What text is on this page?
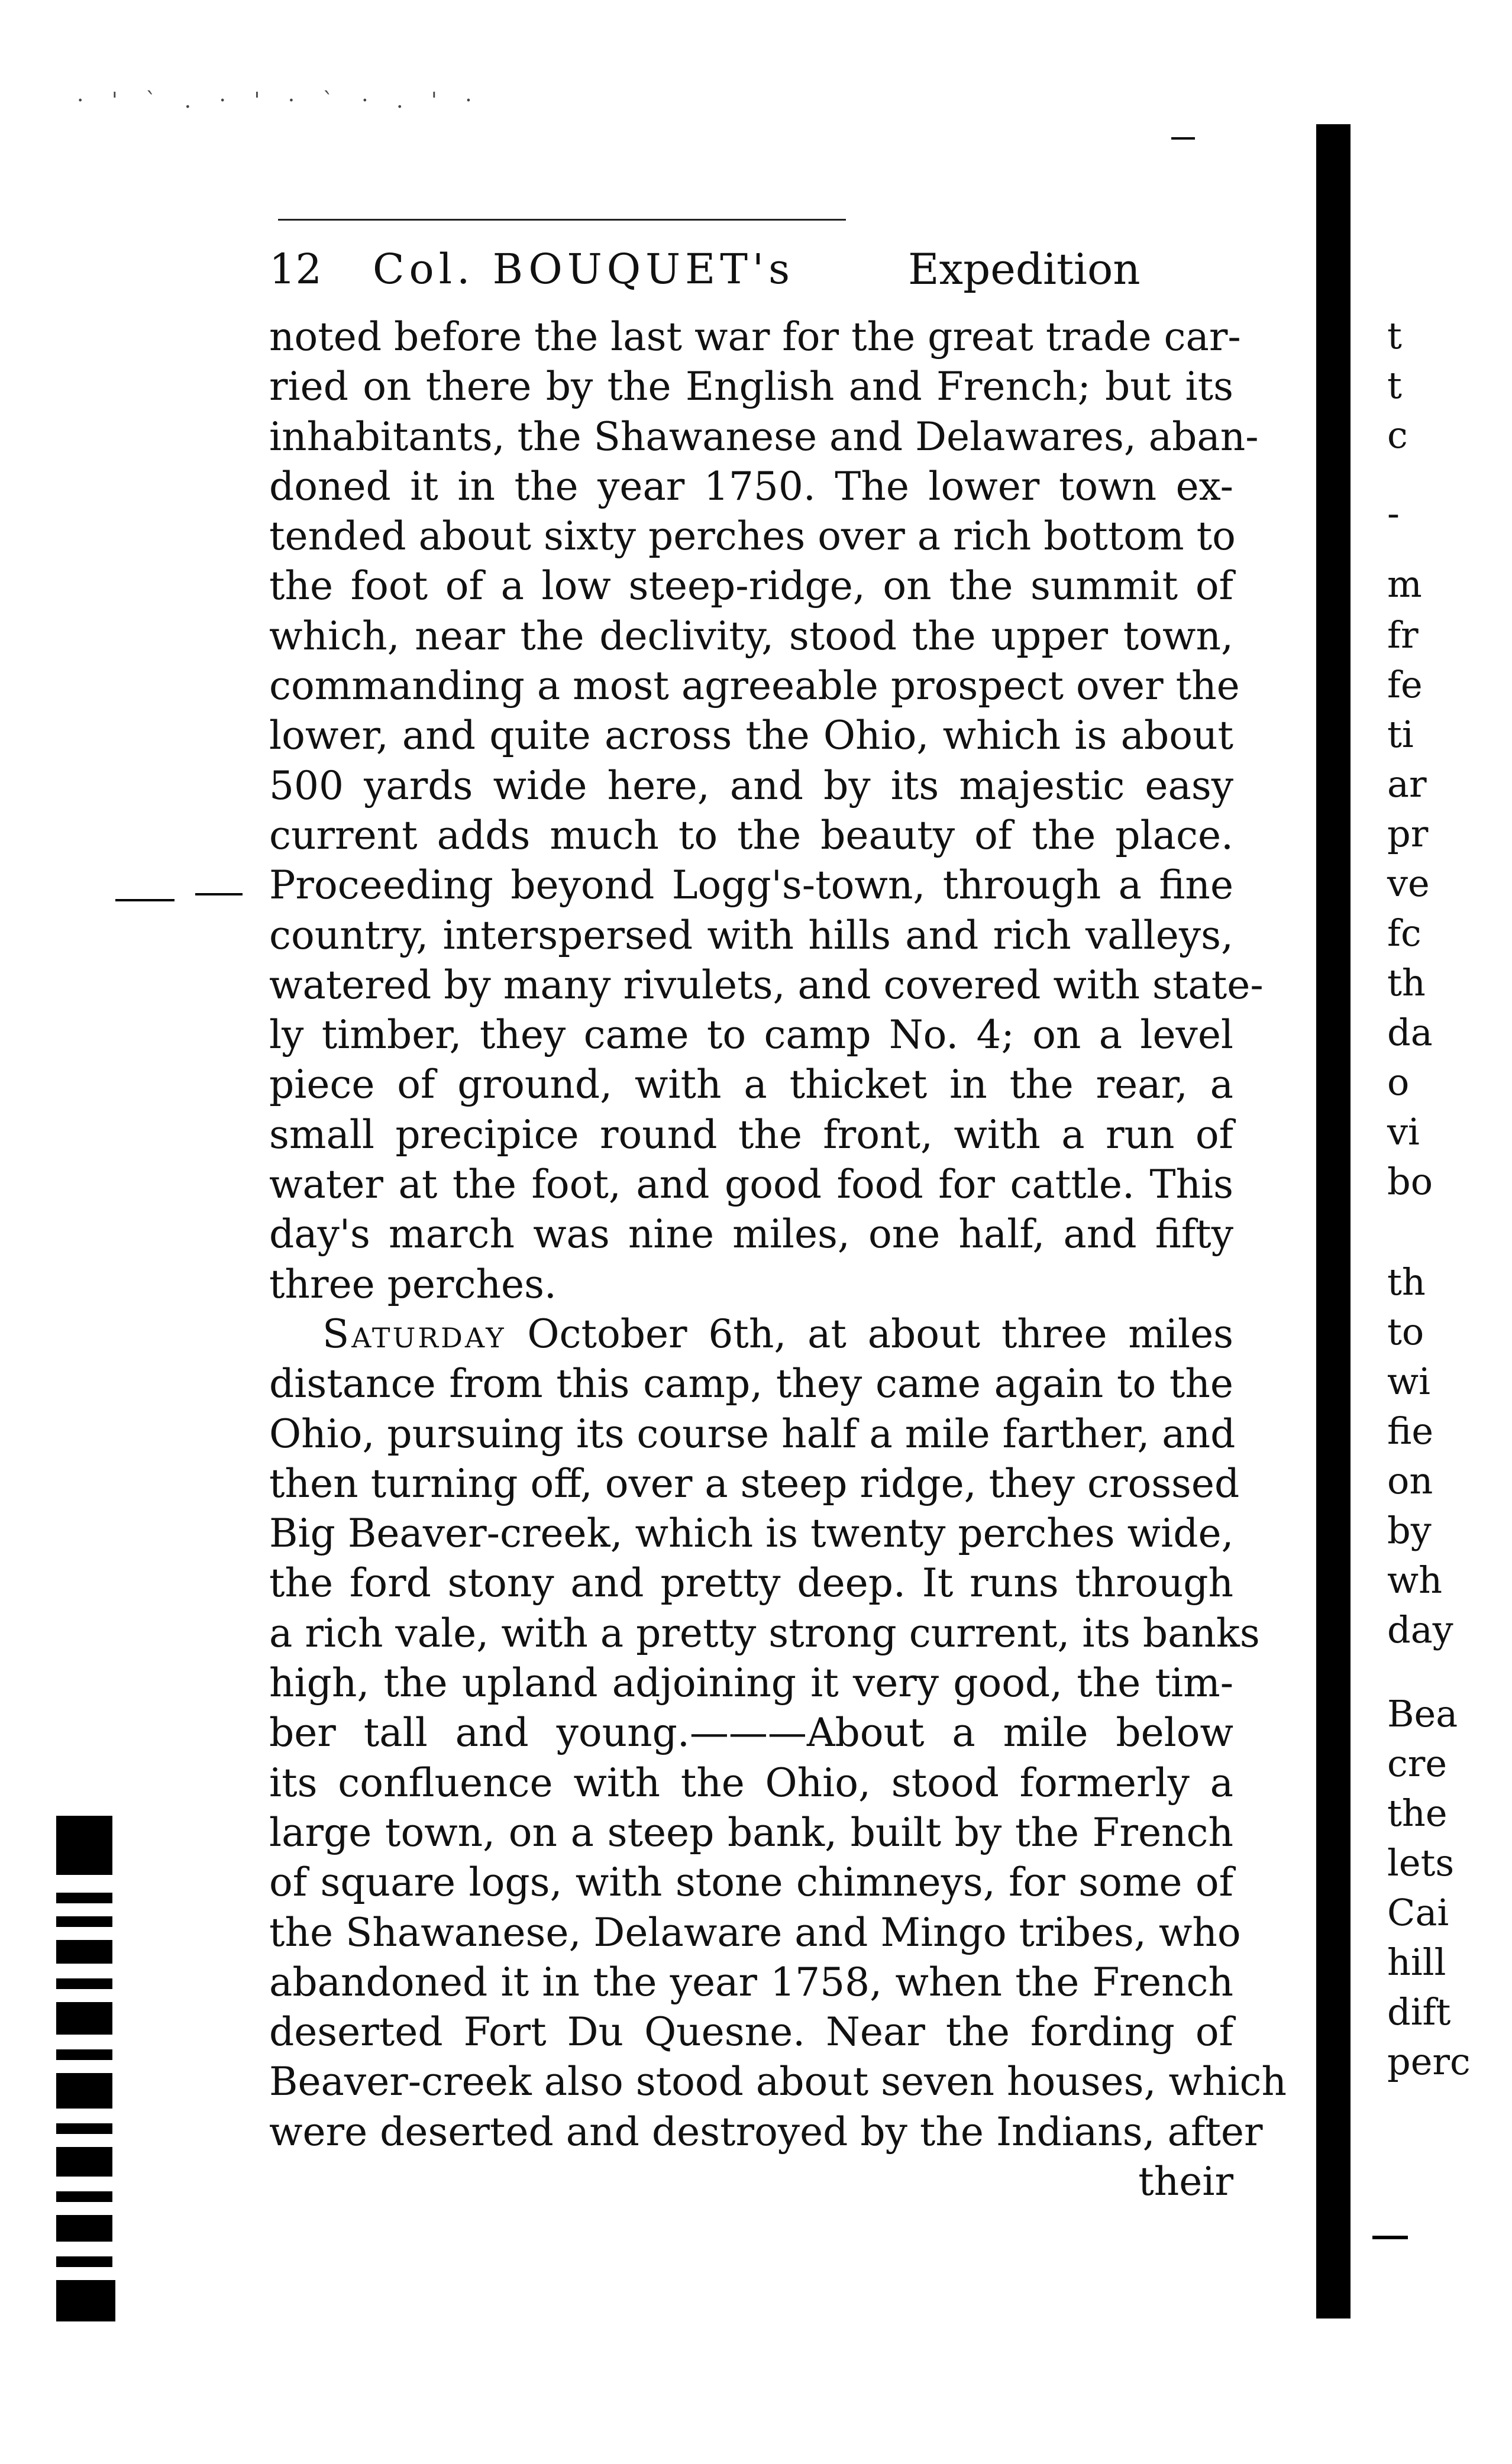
· ' ` . · ' · ` · . ' ·
12 Col. BOUQUET's	Expedition
noted before the last war for the great trade car-
ried on there by the English and French; but its
inhabitants, the Shawanese and Delawares, aban-
doned it in the year 1750. The lower town ex-
tended about sixty perches over a rich bottom to
the foot of a low steep-ridge, on the summit of
which, near the declivity, stood the upper town,
commanding a most agreeable prospect over the
lower, and quite across the Ohio, which is about
500 yards wide here, and by its majestic easy
current adds much to the beauty of the place.
Proceeding beyond Logg's-town, through a fine
country, interspersed with hills and rich valleys,
watered by many rivulets, and covered with state-
ly timber, they came to camp No. 4; on a level
piece of ground, with a thicket in the rear, a
small precipice round the front, with a run of
water at the foot, and good food for cattle. This
day's march was nine miles, one half, and fifty
three perches.
Saturday October 6th, at about three miles
distance from this camp, they came again to the
Ohio, pursuing its course half a mile farther, and
then turning off, over a steep ridge, they crossed
Big Beaver-creek, which is twenty perches wide,
the ford stony and pretty deep. It runs through
a rich vale, with a pretty strong current, its banks
high, the upland adjoining it very good, the tim-
ber tall and young.———About a mile below
its confluence with the Ohio, stood formerly a
large town, on a steep bank, built by the French
of square logs, with stone chimneys, for some of
the Shawanese, Delaware and Mingo tribes, who
abandoned it in the year 1758, when the French
deserted Fort Du Quesne. Near the fording of
Beaver-creek also stood about seven houses, which
were deserted and destroyed by the Indians, after
their
t
t
c
-
m
fr
fe
ti
ar
pr
ve
fc
th
da
o
vi
bo
th
to
wi
fie
on
by
wh
day
Bea
cre
the
lets
Cai
hill
dift
perc
